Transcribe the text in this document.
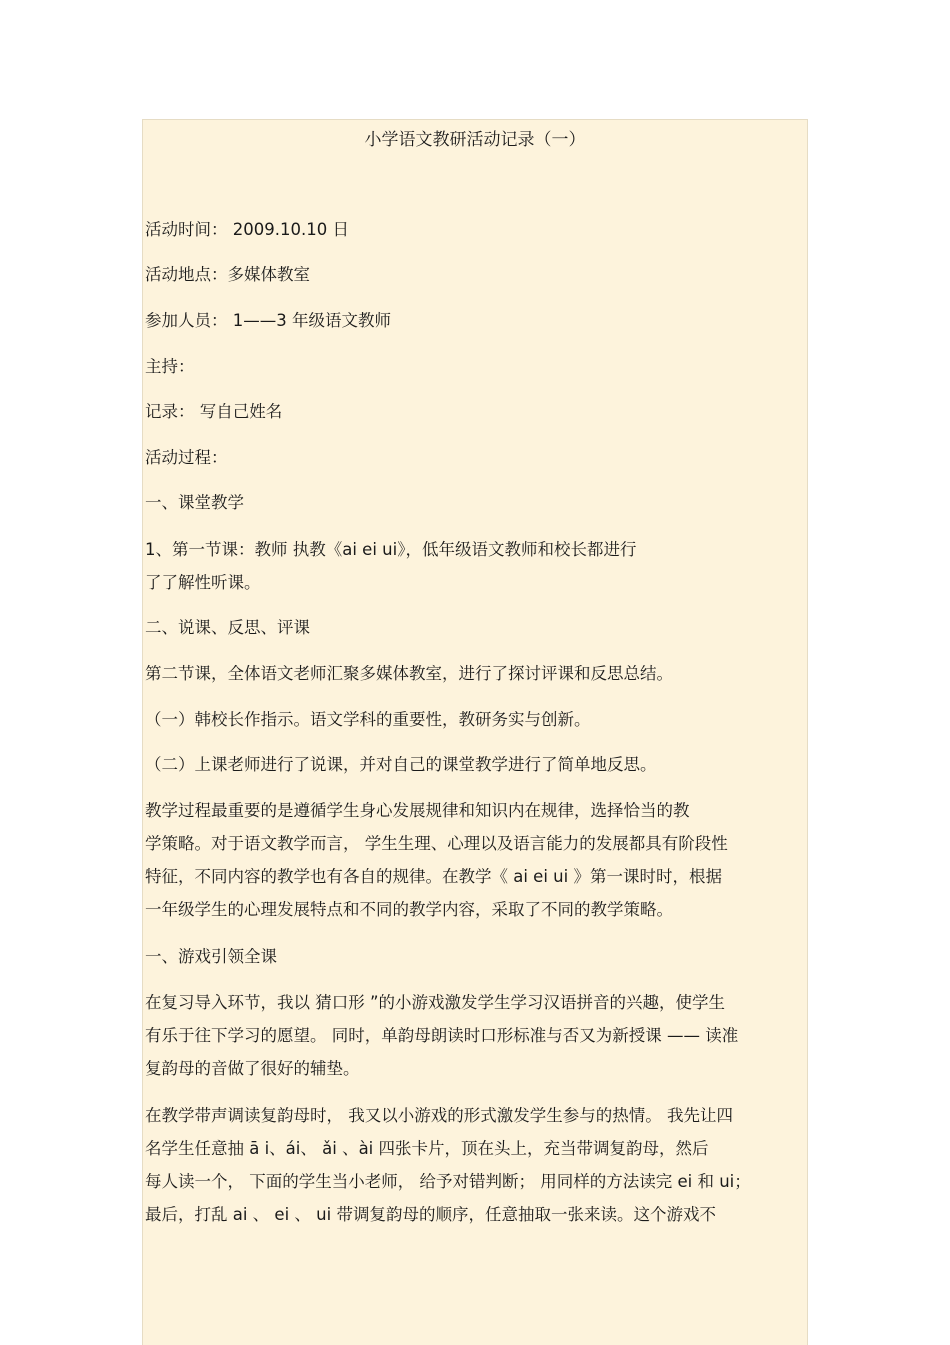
小学语文教研活动记录（一）
活动时间： 2009.10.10 日
活动地点：多媒体教室
参加人员： 1——3 年级语文教师
主持：
记录： 写自己姓名
活动过程：
一、课堂教学
1、第一节课：教师 执教《ai ei ui》，低年级语文教师和校长都进行
了了解性听课。
二、说课、反思、评课
第二节课，全体语文老师汇聚多媒体教室，进行了探讨评课和反思总结。
（一）韩校长作指示。语文学科的重要性，教研务实与创新。
（二）上课老师进行了说课，并对自己的课堂教学进行了简单地反思。
教学过程最重要的是遵循学生身心发展规律和知识内在规律，选择恰当的教
学策略。对于语文教学而言， 学生生理、心理以及语言能力的发展都具有阶段性
特征，不同内容的教学也有各自的规律。在教学《 ai ei ui 》第一课时时，根据
一年级学生的心理发展特点和不同的教学内容，采取了不同的教学策略。
一、游戏引领全课
在复习导入环节，我以 猜口形 ”的小游戏激发学生学习汉语拼音的兴趣，使学生
有乐于往下学习的愿望。 同时，单韵母朗读时口形标准与否又为新授课 —— 读准
复韵母的音做了很好的辅垫。
在教学带声调读复韵母时， 我又以小游戏的形式激发学生参与的热情。 我先让四
名学生任意抽 ā i、ái、 ǎi 、ài 四张卡片，顶在头上，充当带调复韵母，然后
每人读一个， 下面的学生当小老师， 给予对错判断； 用同样的方法读完 ei 和 ui；
最后，打乱 ai 、 ei 、 ui 带调复韵母的顺序，任意抽取一张来读。这个游戏不
